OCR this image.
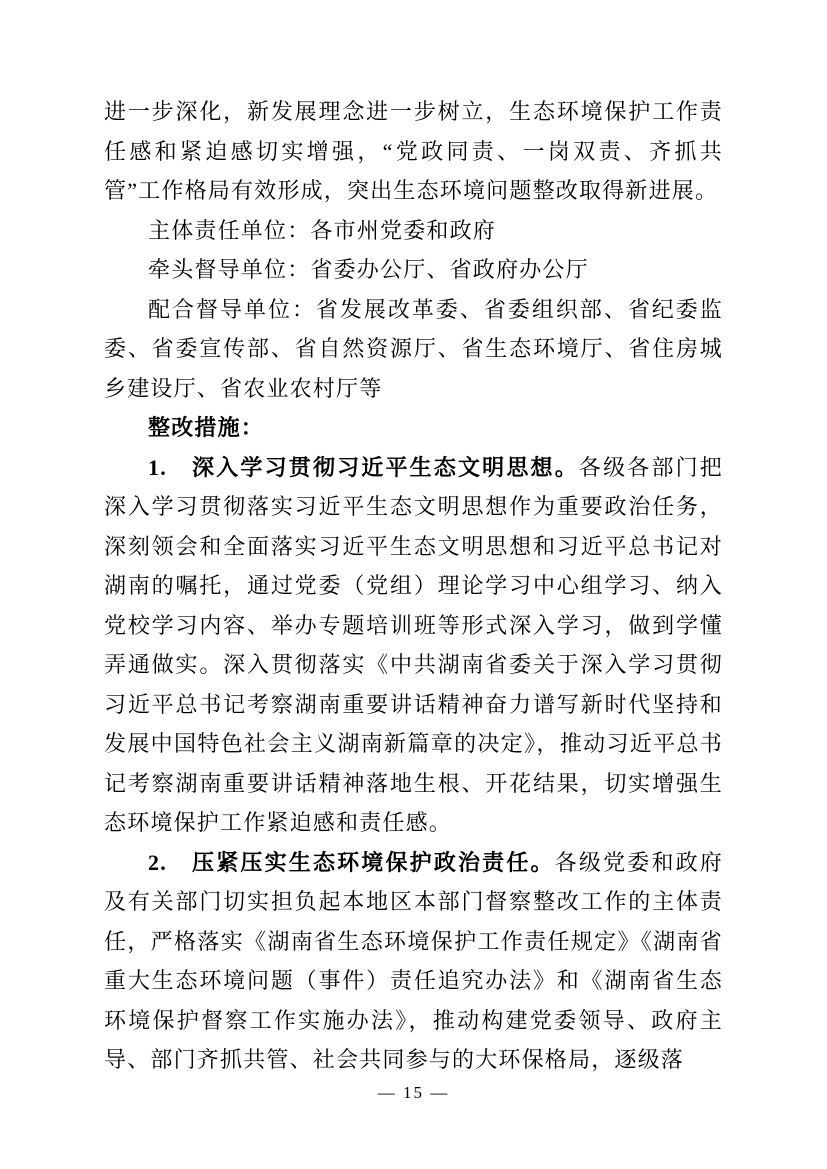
进一步深化，新发展理念进一步树立，生态环境保护工作责任感和紧迫感切实增强，“党政同责、一岗双责、齐抓共管”工作格局有效形成，突出生态环境问题整改取得新进展。

主体责任单位：各市州党委和政府

牵头督导单位：省委办公厅、省政府办公厅

配合督导单位：省发展改革委、省委组织部、省纪委监委、省委宣传部、省自然资源厅、省生态环境厅、省住房城乡建设厅、省农业农村厅等

整改措施：

1.　深入学习贯彻习近平生态文明思想。各级各部门把深入学习贯彻落实习近平生态文明思想作为重要政治任务，深刻领会和全面落实习近平生态文明思想和习近平总书记对湖南的嘱托，通过党委（党组）理论学习中心组学习、纳入党校学习内容、举办专题培训班等形式深入学习，做到学懂弄通做实。深入贯彻落实《中共湖南省委关于深入学习贯彻习近平总书记考察湖南重要讲话精神奋力谱写新时代坚持和发展中国特色社会主义湖南新篇章的决定》，推动习近平总书记考察湖南重要讲话精神落地生根、开花结果，切实增强生态环境保护工作紧迫感和责任感。

2.　压紧压实生态环境保护政治责任。各级党委和政府及有关部门切实担负起本地区本部门督察整改工作的主体责任，严格落实《湖南省生态环境保护工作责任规定》《湖南省重大生态环境问题（事件）责任追究办法》和《湖南省生态环境保护督察工作实施办法》，推动构建党委领导、政府主导、部门齐抓共管、社会共同参与的大环保格局，逐级落

— 15 —
